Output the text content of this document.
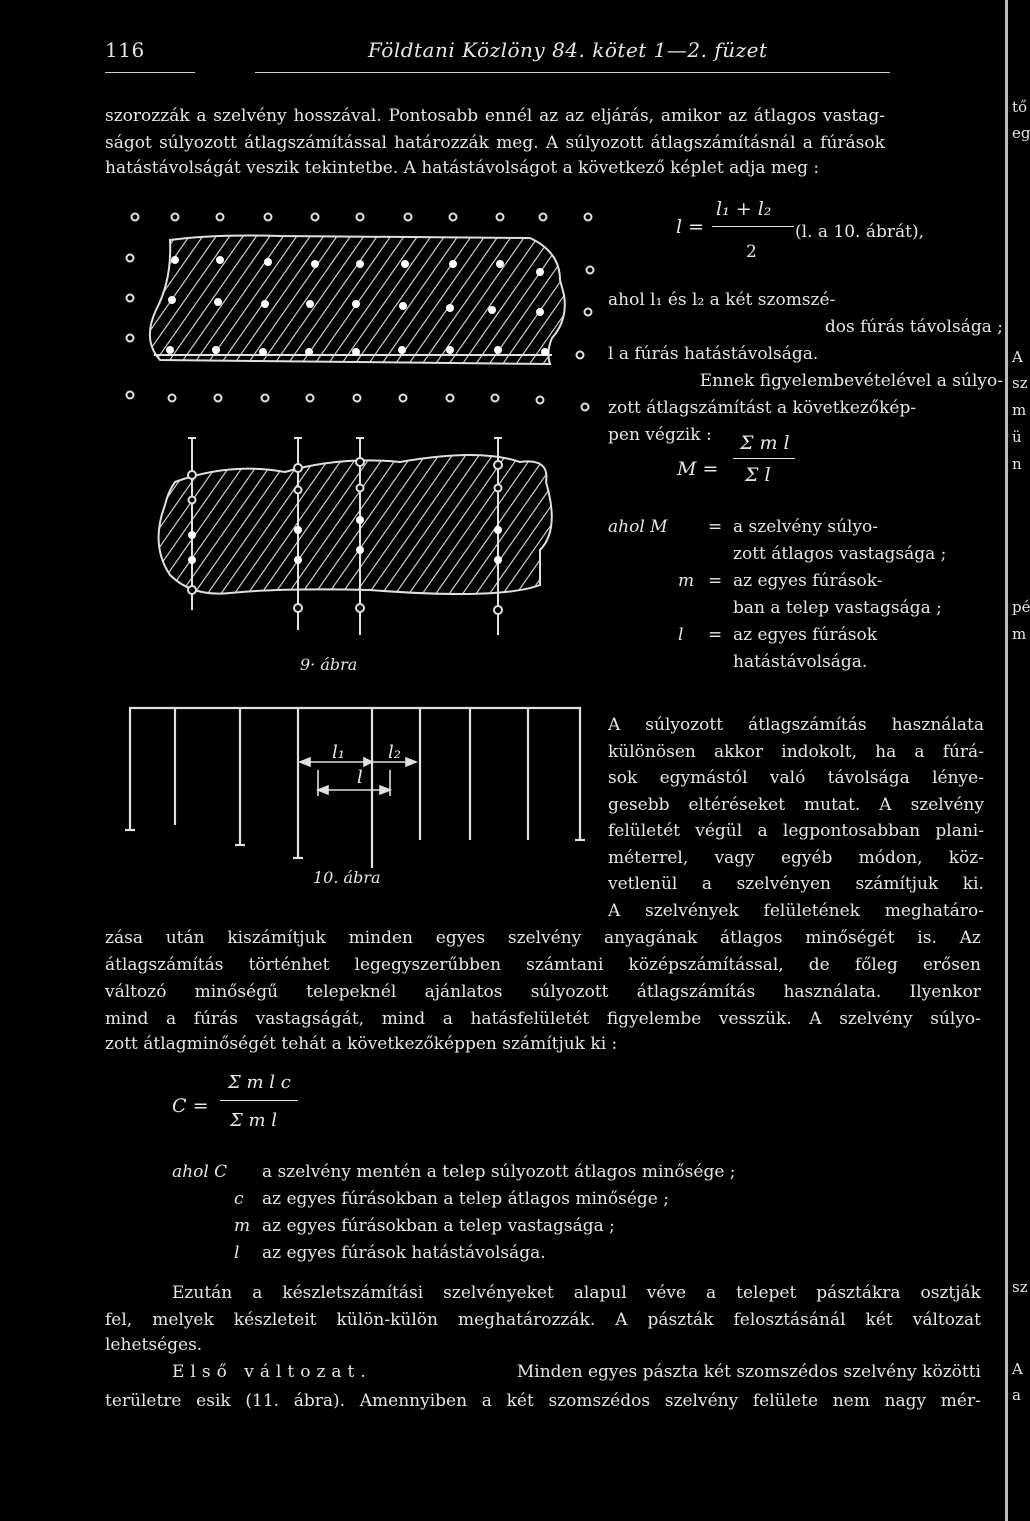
116	Földtani Közlöny 84. kötet 1—2. füzet
szorozzák a szelvény hosszával. Pontosabb ennél az az eljárás, amikor az átlagos vastag-
ságot súlyozott átlagszámítással határozzák meg. A súlyozott átlagszámításnál a fúrások
hatástávolságát veszik tekintetbe. A hatástávolságot a következő képlet adja meg :
9· ábra
l =
l₁ + l₂
2
(l. a 10. ábrát),
ahol l₁ és l₂ a két szomszé-
dos fúrás távolsága ;
l a fúrás hatástávolsága.
Ennek figyelembevételével a súlyo-
zott átlagszámítást a következőkép-
pen végzik :
M =
Σ m l
Σ l
ahol M = a szelvény súlyo-
zott átlagos vastagsága ;
m = az egyes fúrások-
ban a telep vastagsága ;
l = az egyes fúrások
hatástávolsága.
l₁ l₂
l
10. ábra
A súlyozott átlagszámítás használata
különösen akkor indokolt, ha a fúrá-
sok egymástól való távolsága lénye-
gesebb eltéréseket mutat. A szelvény
felületét végül a legpontosabban plani-
méterrel, vagy egyéb módon, köz-
vetlenül a szelvényen számítjuk ki.
A szelvények felületének meghatáro-
zása után kiszámítjuk minden egyes szelvény anyagának átlagos minőségét is. Az
átlagszámítás történhet legegyszerűbben számtani középszámítással, de főleg erősen
változó minőségű telepeknél ajánlatos súlyozott átlagszámítás használata. Ilyenkor
mind a fúrás vastagságát, mind a hatásfelületét figyelembe vesszük. A szelvény súlyo-
zott átlagminőségét tehát a következőképpen számítjuk ki :
C =
Σ m l c
Σ m l
ahol C a szelvény mentén a telep súlyozott átlagos minősége ;
c az egyes fúrásokban a telep átlagos minősége ;
m az egyes fúrásokban a telep vastagsága ;
l az egyes fúrások hatástávolsága.
Ezután a készletszámítási szelvényeket alapul véve a telepet pásztákra osztják
fel, melyek készleteit külön-külön meghatározzák. A pászták felosztásánál két változat
lehetséges.
Első változat.	Minden egyes pászta két szomszédos szelvény közötti
területre esik (11. ábra). Amennyiben a két szomszédos szelvény felülete nem nagy mér-
tő
eg
A
sz
m
ü
n
pé
m
sz
A
a
